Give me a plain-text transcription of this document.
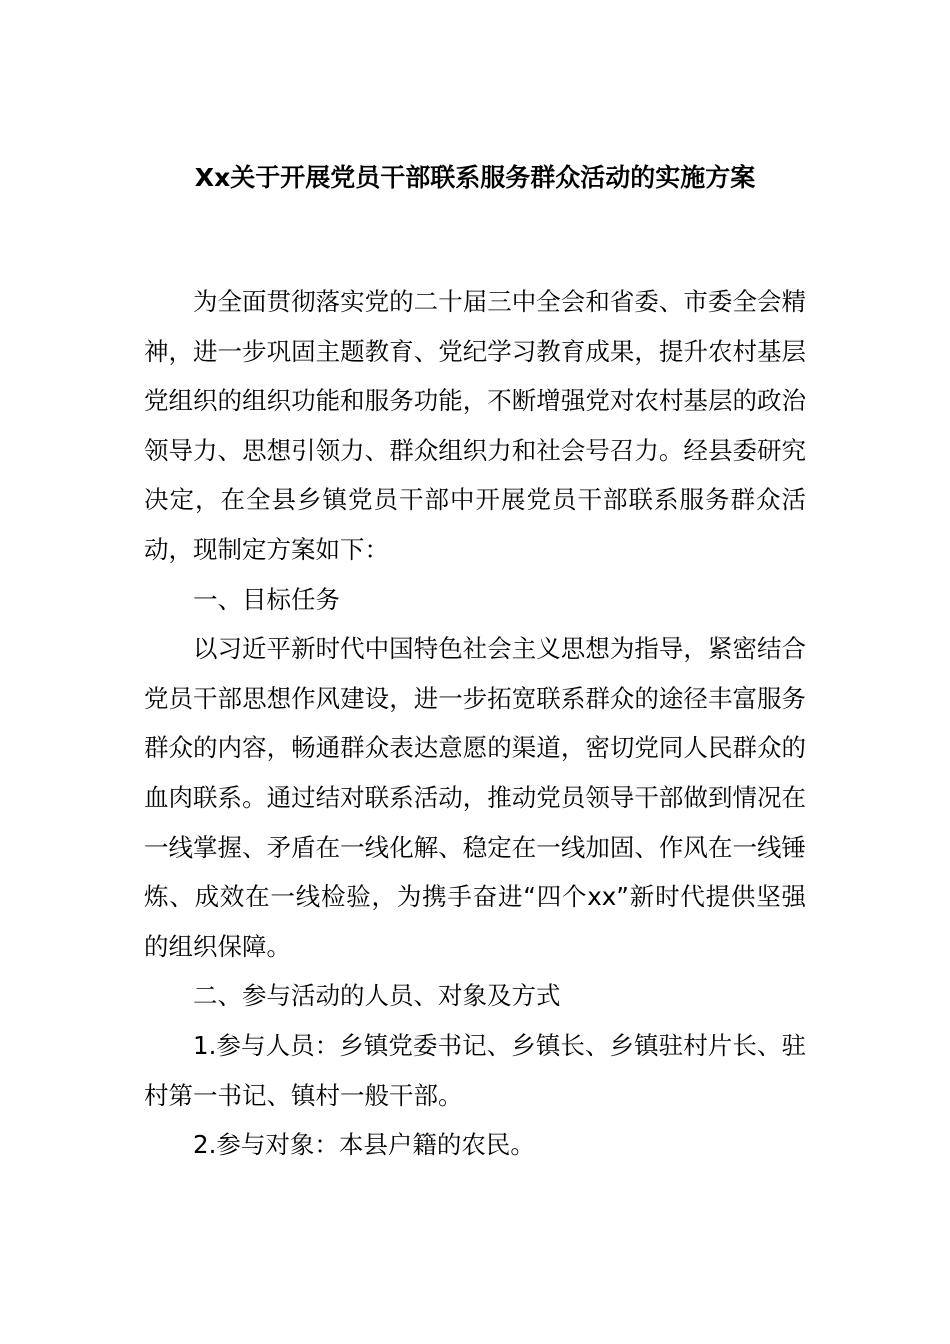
Xx关于开展党员干部联系服务群众活动的实施方案

为全面贯彻落实党的二十届三中全会和省委、市委全会精神，进一步巩固主题教育、党纪学习教育成果，提升农村基层党组织的组织功能和服务功能，不断增强党对农村基层的政治领导力、思想引领力、群众组织力和社会号召力。经县委研究决定，在全县乡镇党员干部中开展党员干部联系服务群众活动，现制定方案如下：

一、目标任务

以习近平新时代中国特色社会主义思想为指导，紧密结合党员干部思想作风建设，进一步拓宽联系群众的途径丰富服务群众的内容，畅通群众表达意愿的渠道，密切党同人民群众的血肉联系。通过结对联系活动，推动党员领导干部做到情况在一线掌握、矛盾在一线化解、稳定在一线加固、作风在一线锤炼、成效在一线检验，为携手奋进“四个xx”新时代提供坚强的组织保障。

二、参与活动的人员、对象及方式

1.参与人员：乡镇党委书记、乡镇长、乡镇驻村片长、驻村第一书记、镇村一般干部。

2.参与对象：本县户籍的农民。
